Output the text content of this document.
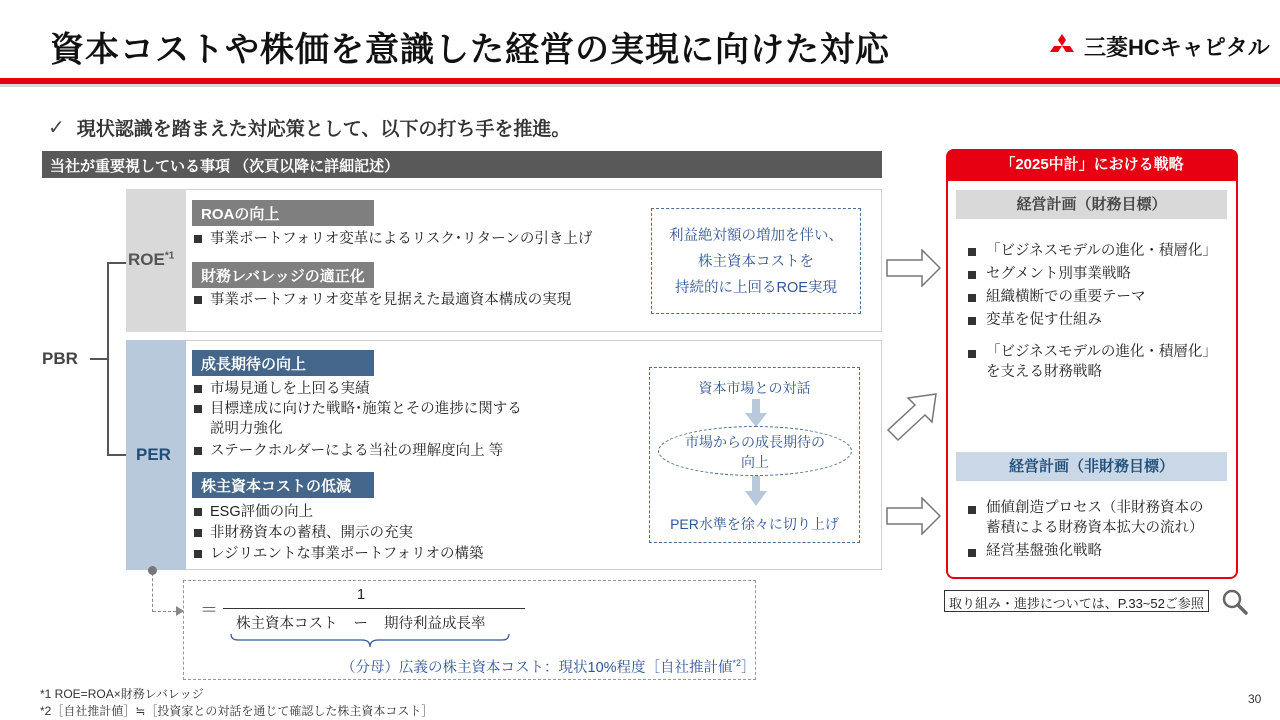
資本コストや株価を意識した経営の実現に向けた対応	三菱HCキャピタル
✓ 現状認識を踏まえた対応策として、以下の打ち手を推進。
当社が重要視している事項 （次頁以降に詳細記述）
PBR
ROE$^{*1}$
ROAの向上
事業ポートフォリオ変革によるリスク･リターンの引き上げ
財務レバレッジの適正化
事業ポートフォリオ変革を見据えた最適資本構成の実現
利益絶対額の増加を伴い、
株主資本コストを
持続的に上回るROE実現
PER
成長期待の向上
市場見通しを上回る実績
目標達成に向けた戦略･施策とその進捗に関する
説明力強化
ステークホルダーによる当社の理解度向上 等
株主資本コストの低減
ESG評価の向上
非財務資本の蓄積、開示の充実
レジリエントな事業ポートフォリオの構築
資本市場との対話
市場からの成長期待の
向上
PER水準を徐々に切り上げ
「2025中計」における戦略
経営計画（財務目標）
「ビジネスモデルの進化・積層化」
セグメント別事業戦略
組織横断での重要テーマ
変革を促す仕組み
「ビジネスモデルの進化・積層化」
を支える財務戦略
経営計画（非財務目標）
価値創造プロセス（非財務資本の
蓄積による財務資本拡大の流れ）
経営基盤強化戦略
取り組み・進捗については、P.33~52ご参照
＝
1
株主資本コスト ー 期待利益成長率
（分母）広義の株主資本コスト：現状10%程度［自社推計値$^{*2}$］
*1 ROE=ROA×財務レバレッジ
*2［自社推計値］≒［投資家との対話を通じて確認した株主資本コスト］
30
